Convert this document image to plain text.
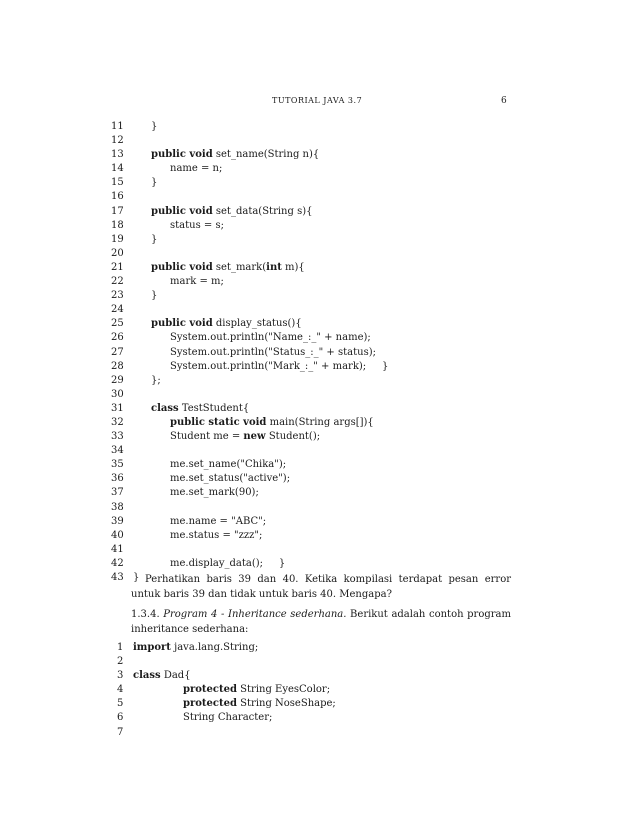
TUTORIAL JAVA 3.7	6
11	}
12
13	public void set_name(String n){
14	name = n;
15	}
16
17	public void set_data(String s){
18	status = s;
19	}
20
21	public void set_mark(int m){
22	mark = m;
23	}
24
25	public void display_status(){
26	System.out.println("Name_:_" + name);
27	System.out.println("Status_:_" + status);
28	System.out.println("Mark_:_" + mark);     }
29	};
30
31	class TestStudent{
32	public static void main(String args[]){
33	Student me = new Student();
34
35	me.set_name("Chika");
36	me.set_status("active");
37	me.set_mark(90);
38
39	me.name = "ABC";
40	me.status = "zzz";
41
42	me.display_data();     }
43 } Perhatikan baris 39 dan 40. Ketika kompilasi terdapat pesan error untuk baris 39 dan tidak untuk baris 40. Mengapa?
1.3.4. Program 4 - Inheritance sederhana. Berikut adalah contoh program inheritance sederhana:
1 import java.lang.String;
2
3 class Dad{
4	protected String EyesColor;
5	protected String NoseShape;
6	String Character;
7
